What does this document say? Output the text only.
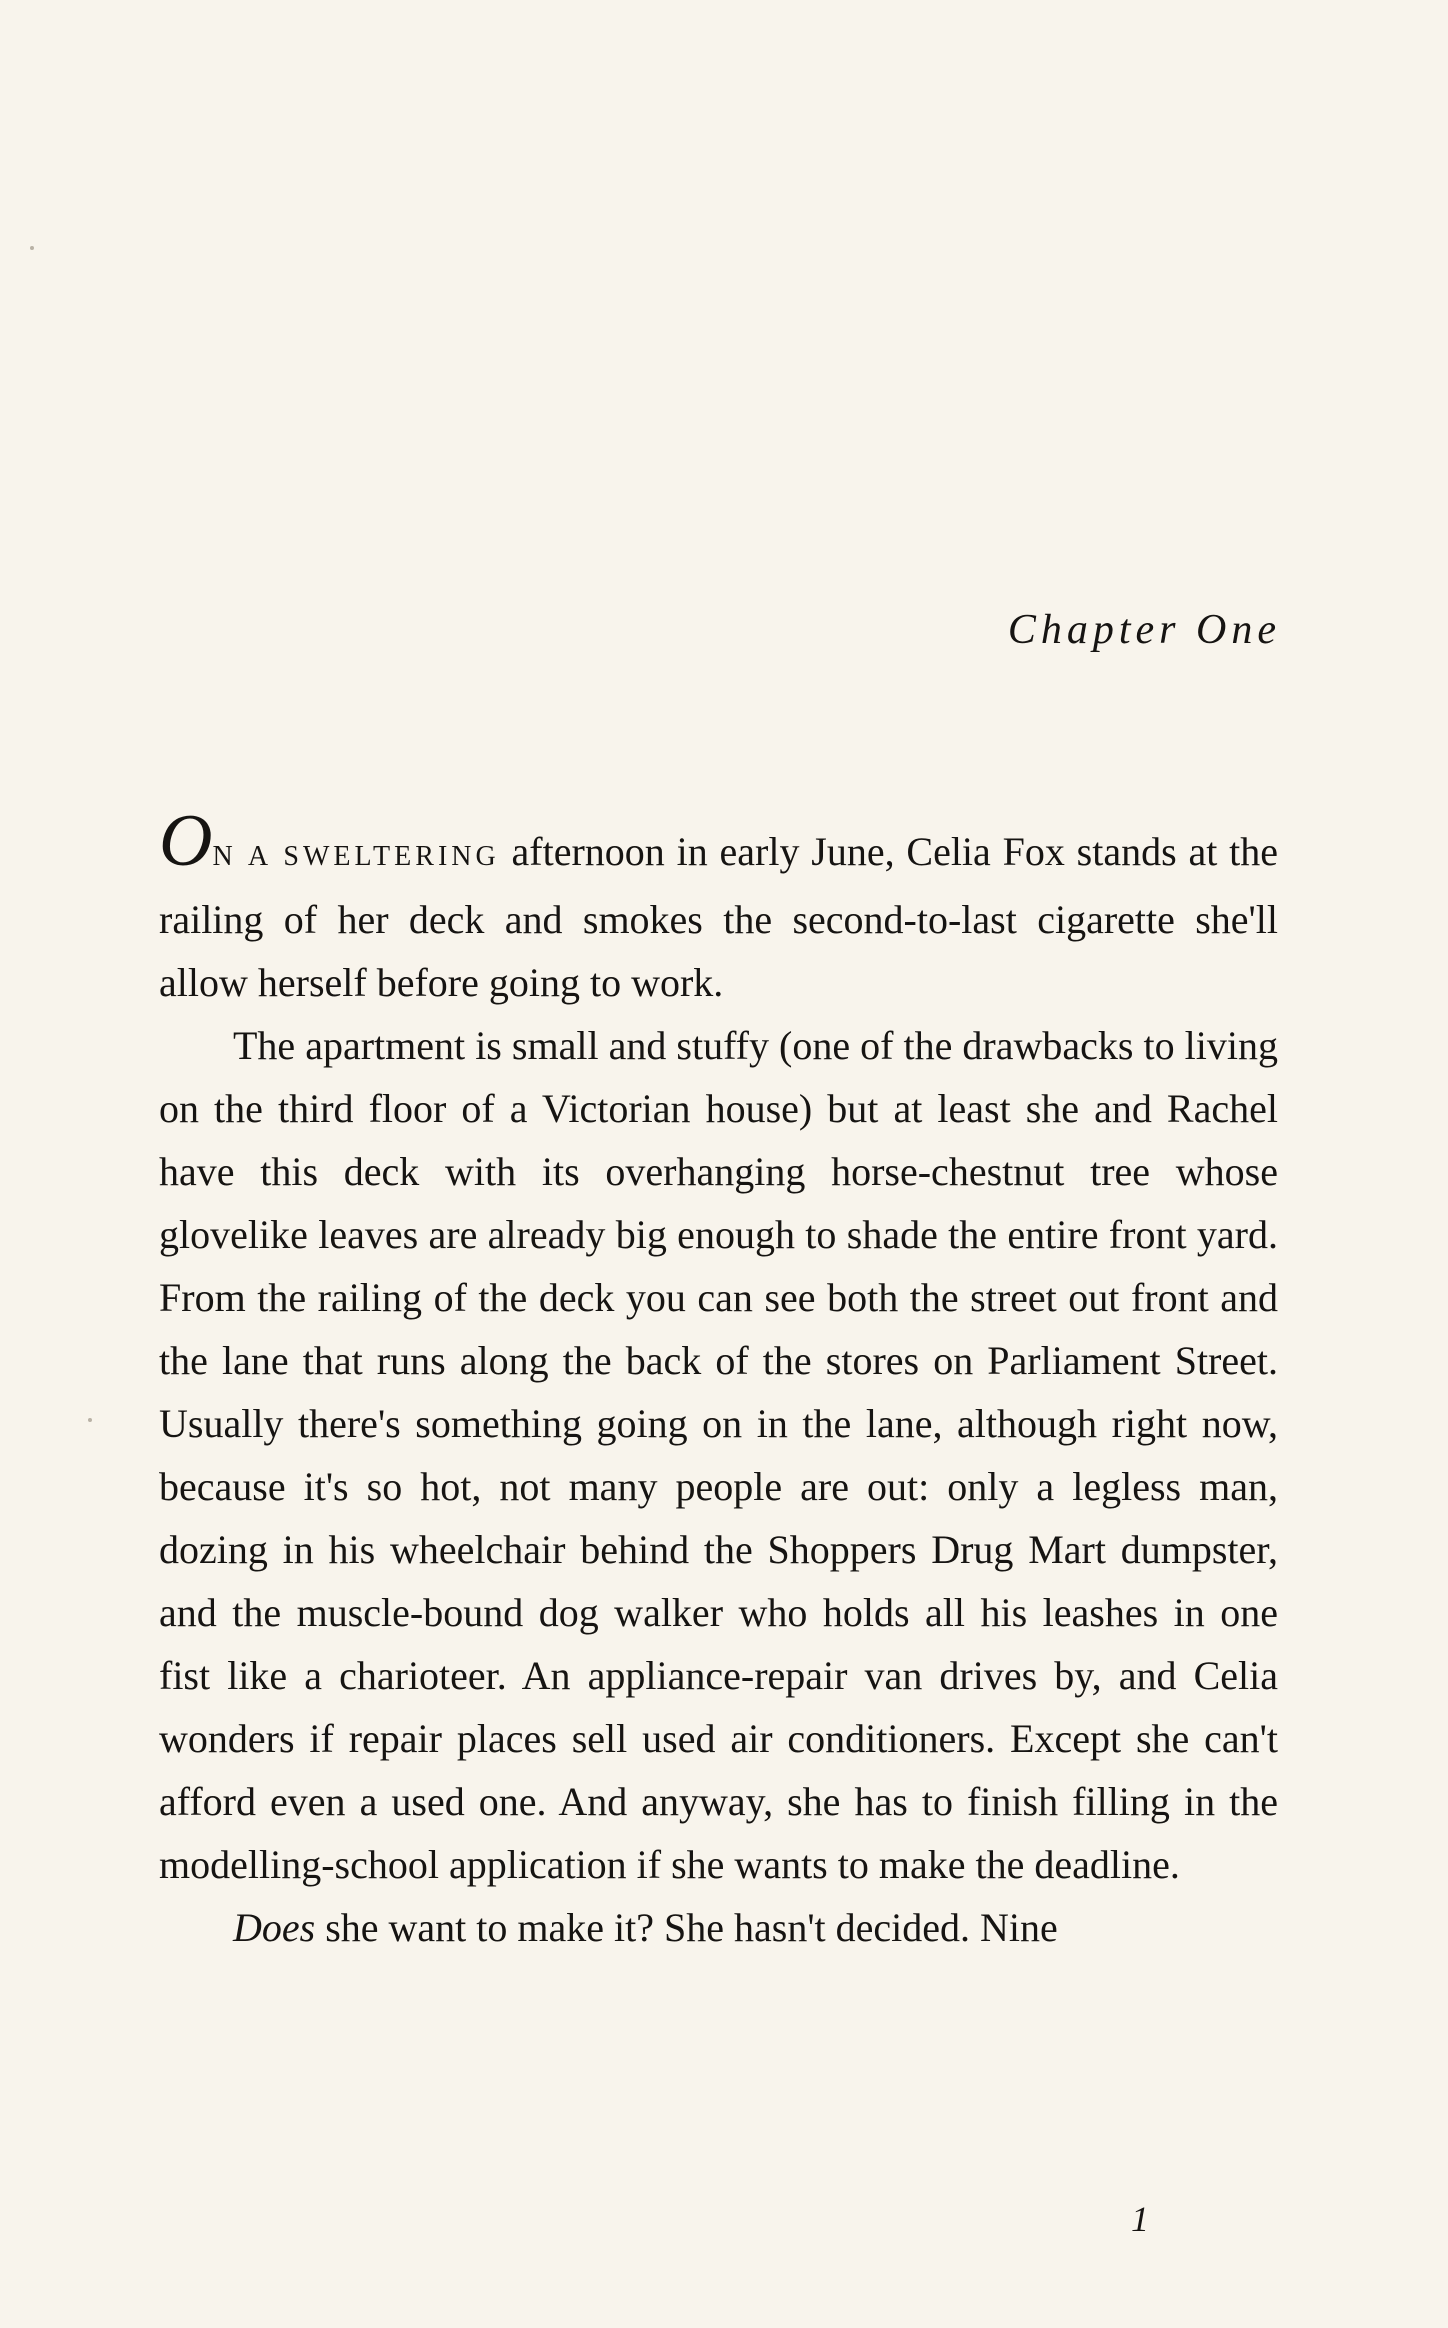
Chapter One

ON A SWELTERING afternoon in early June, Celia Fox stands at the railing of her deck and smokes the second-to-last cigarette she'll allow herself before going to work.

The apartment is small and stuffy (one of the drawbacks to living on the third floor of a Victorian house) but at least she and Rachel have this deck with its overhanging horse-chestnut tree whose glovelike leaves are already big enough to shade the entire front yard. From the railing of the deck you can see both the street out front and the lane that runs along the back of the stores on Parliament Street. Usually there's something going on in the lane, although right now, because it's so hot, not many people are out: only a legless man, dozing in his wheelchair behind the Shoppers Drug Mart dumpster, and the muscle-bound dog walker who holds all his leashes in one fist like a charioteer. An appliance-repair van drives by, and Celia wonders if repair places sell used air conditioners. Except she can't afford even a used one. And anyway, she has to finish filling in the modelling-school application if she wants to make the deadline.

Does she want to make it? She hasn't decided. Nine

1
